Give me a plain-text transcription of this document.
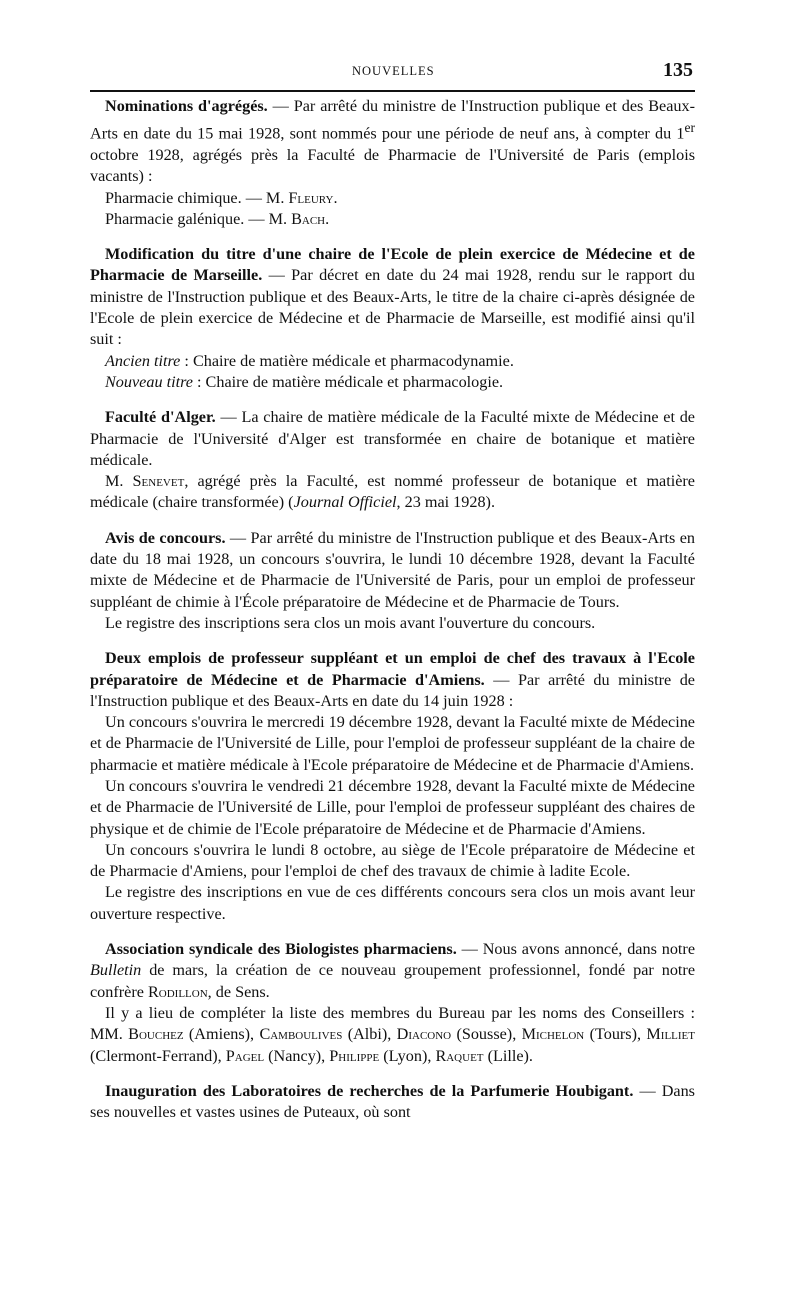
NOUVELLES	135

Nominations d'agrégés. — Par arrêté du ministre de l'Instruction publique et des Beaux-Arts en date du 15 mai 1928, sont nommés pour une période de neuf ans, à compter du 1er octobre 1928, agrégés près la Faculté de Pharmacie de l'Université de Paris (emplois vacants) :

Pharmacie chimique. — M. Fleury.

Pharmacie galénique. — M. Bach.

Modification du titre d'une chaire de l'Ecole de plein exercice de Médecine et de Pharmacie de Marseille. — Par décret en date du 24 mai 1928, rendu sur le rapport du ministre de l'Instruction publique et des Beaux-Arts, le titre de la chaire ci-après désignée de l'Ecole de plein exercice de Médecine et de Pharmacie de Marseille, est modifié ainsi qu'il suit :

Ancien titre : Chaire de matière médicale et pharmacodynamie.

Nouveau titre : Chaire de matière médicale et pharmacologie.

Faculté d'Alger. — La chaire de matière médicale de la Faculté mixte de Médecine et de Pharmacie de l'Université d'Alger est transformée en chaire de botanique et matière médicale.

M. Senevet, agrégé près la Faculté, est nommé professeur de botanique et matière médicale (chaire transformée) (Journal Officiel, 23 mai 1928).

Avis de concours. — Par arrêté du ministre de l'Instruction publique et des Beaux-Arts en date du 18 mai 1928, un concours s'ouvrira, le lundi 10 décembre 1928, devant la Faculté mixte de Médecine et de Pharmacie de l'Université de Paris, pour un emploi de professeur suppléant de chimie à l'École préparatoire de Médecine et de Pharmacie de Tours.

Le registre des inscriptions sera clos un mois avant l'ouverture du concours.

Deux emplois de professeur suppléant et un emploi de chef des travaux à l'Ecole préparatoire de Médecine et de Pharmacie d'Amiens. — Par arrêté du ministre de l'Instruction publique et des Beaux-Arts en date du 14 juin 1928 :

Un concours s'ouvrira le mercredi 19 décembre 1928, devant la Faculté mixte de Médecine et de Pharmacie de l'Université de Lille, pour l'emploi de professeur suppléant de la chaire de pharmacie et matière médicale à l'Ecole préparatoire de Médecine et de Pharmacie d'Amiens.

Un concours s'ouvrira le vendredi 21 décembre 1928, devant la Faculté mixte de Médecine et de Pharmacie de l'Université de Lille, pour l'emploi de professeur suppléant des chaires de physique et de chimie de l'Ecole préparatoire de Médecine et de Pharmacie d'Amiens.

Un concours s'ouvrira le lundi 8 octobre, au siège de l'Ecole préparatoire de Médecine et de Pharmacie d'Amiens, pour l'emploi de chef des travaux de chimie à ladite Ecole.

Le registre des inscriptions en vue de ces différents concours sera clos un mois avant leur ouverture respective.

Association syndicale des Biologistes pharmaciens. — Nous avons annoncé, dans notre Bulletin de mars, la création de ce nouveau groupement professionnel, fondé par notre confrère Rodillon, de Sens.

Il y a lieu de compléter la liste des membres du Bureau par les noms des Conseillers : MM. Bouchez (Amiens), Camboulives (Albi), Diacono (Sousse), Michelon (Tours), Milliet (Clermont-Ferrand), Pagel (Nancy), Philippe (Lyon), Raquet (Lille).

Inauguration des Laboratoires de recherches de la Parfumerie Houbigant. — Dans ses nouvelles et vastes usines de Puteaux, où sont
